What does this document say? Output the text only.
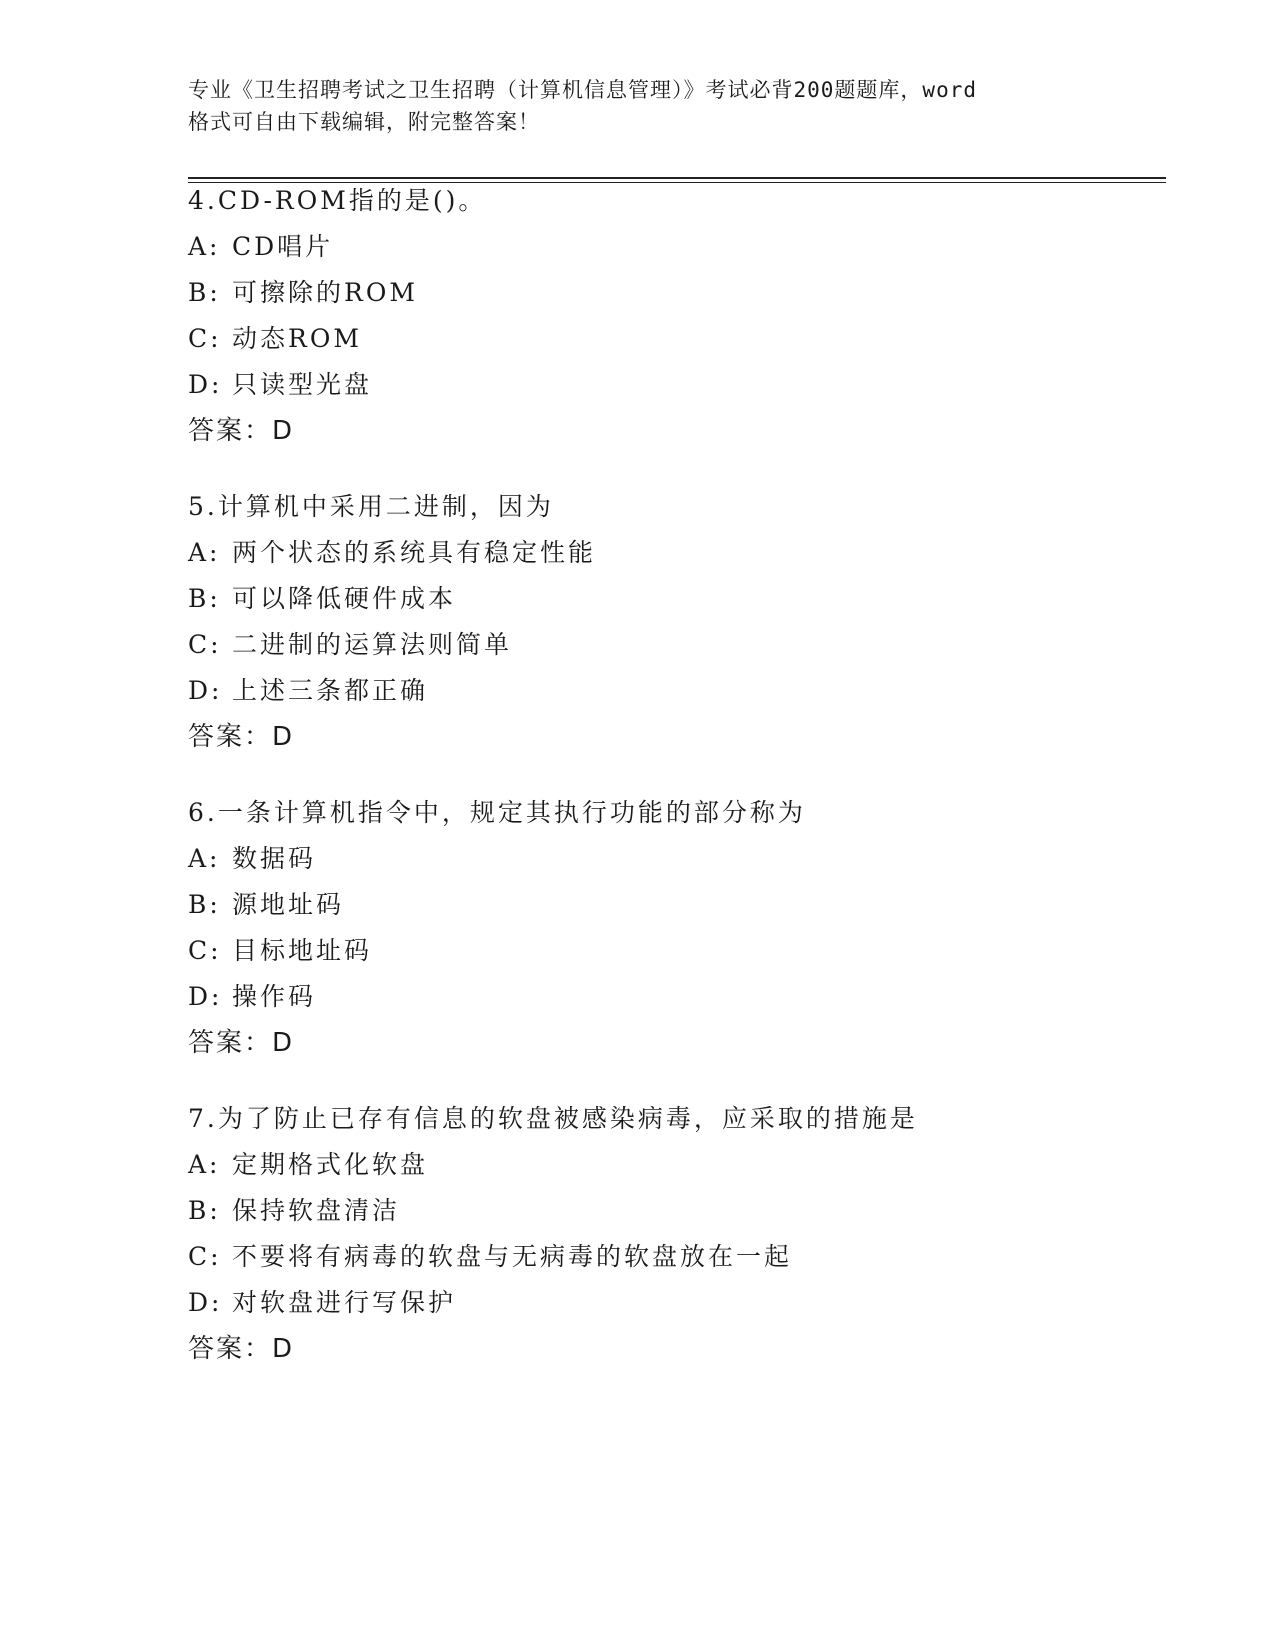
专业《卫生招聘考试之卫生招聘（计算机信息管理）》考试必背200题题库，word
格式可自由下载编辑，附完整答案！
4.CD-ROM指的是()。
A: CD唱片
B: 可擦除的ROM
C: 动态ROM
D: 只读型光盘
答案：D
5.计算机中采用二进制，因为
A: 两个状态的系统具有稳定性能
B: 可以降低硬件成本
C: 二进制的运算法则简单
D: 上述三条都正确
答案：D
6.一条计算机指令中，规定其执行功能的部分称为
A: 数据码
B: 源地址码
C: 目标地址码
D: 操作码
答案：D
7.为了防止已存有信息的软盘被感染病毒，应采取的措施是
A: 定期格式化软盘
B: 保持软盘清洁
C: 不要将有病毒的软盘与无病毒的软盘放在一起
D: 对软盘进行写保护
答案：D
